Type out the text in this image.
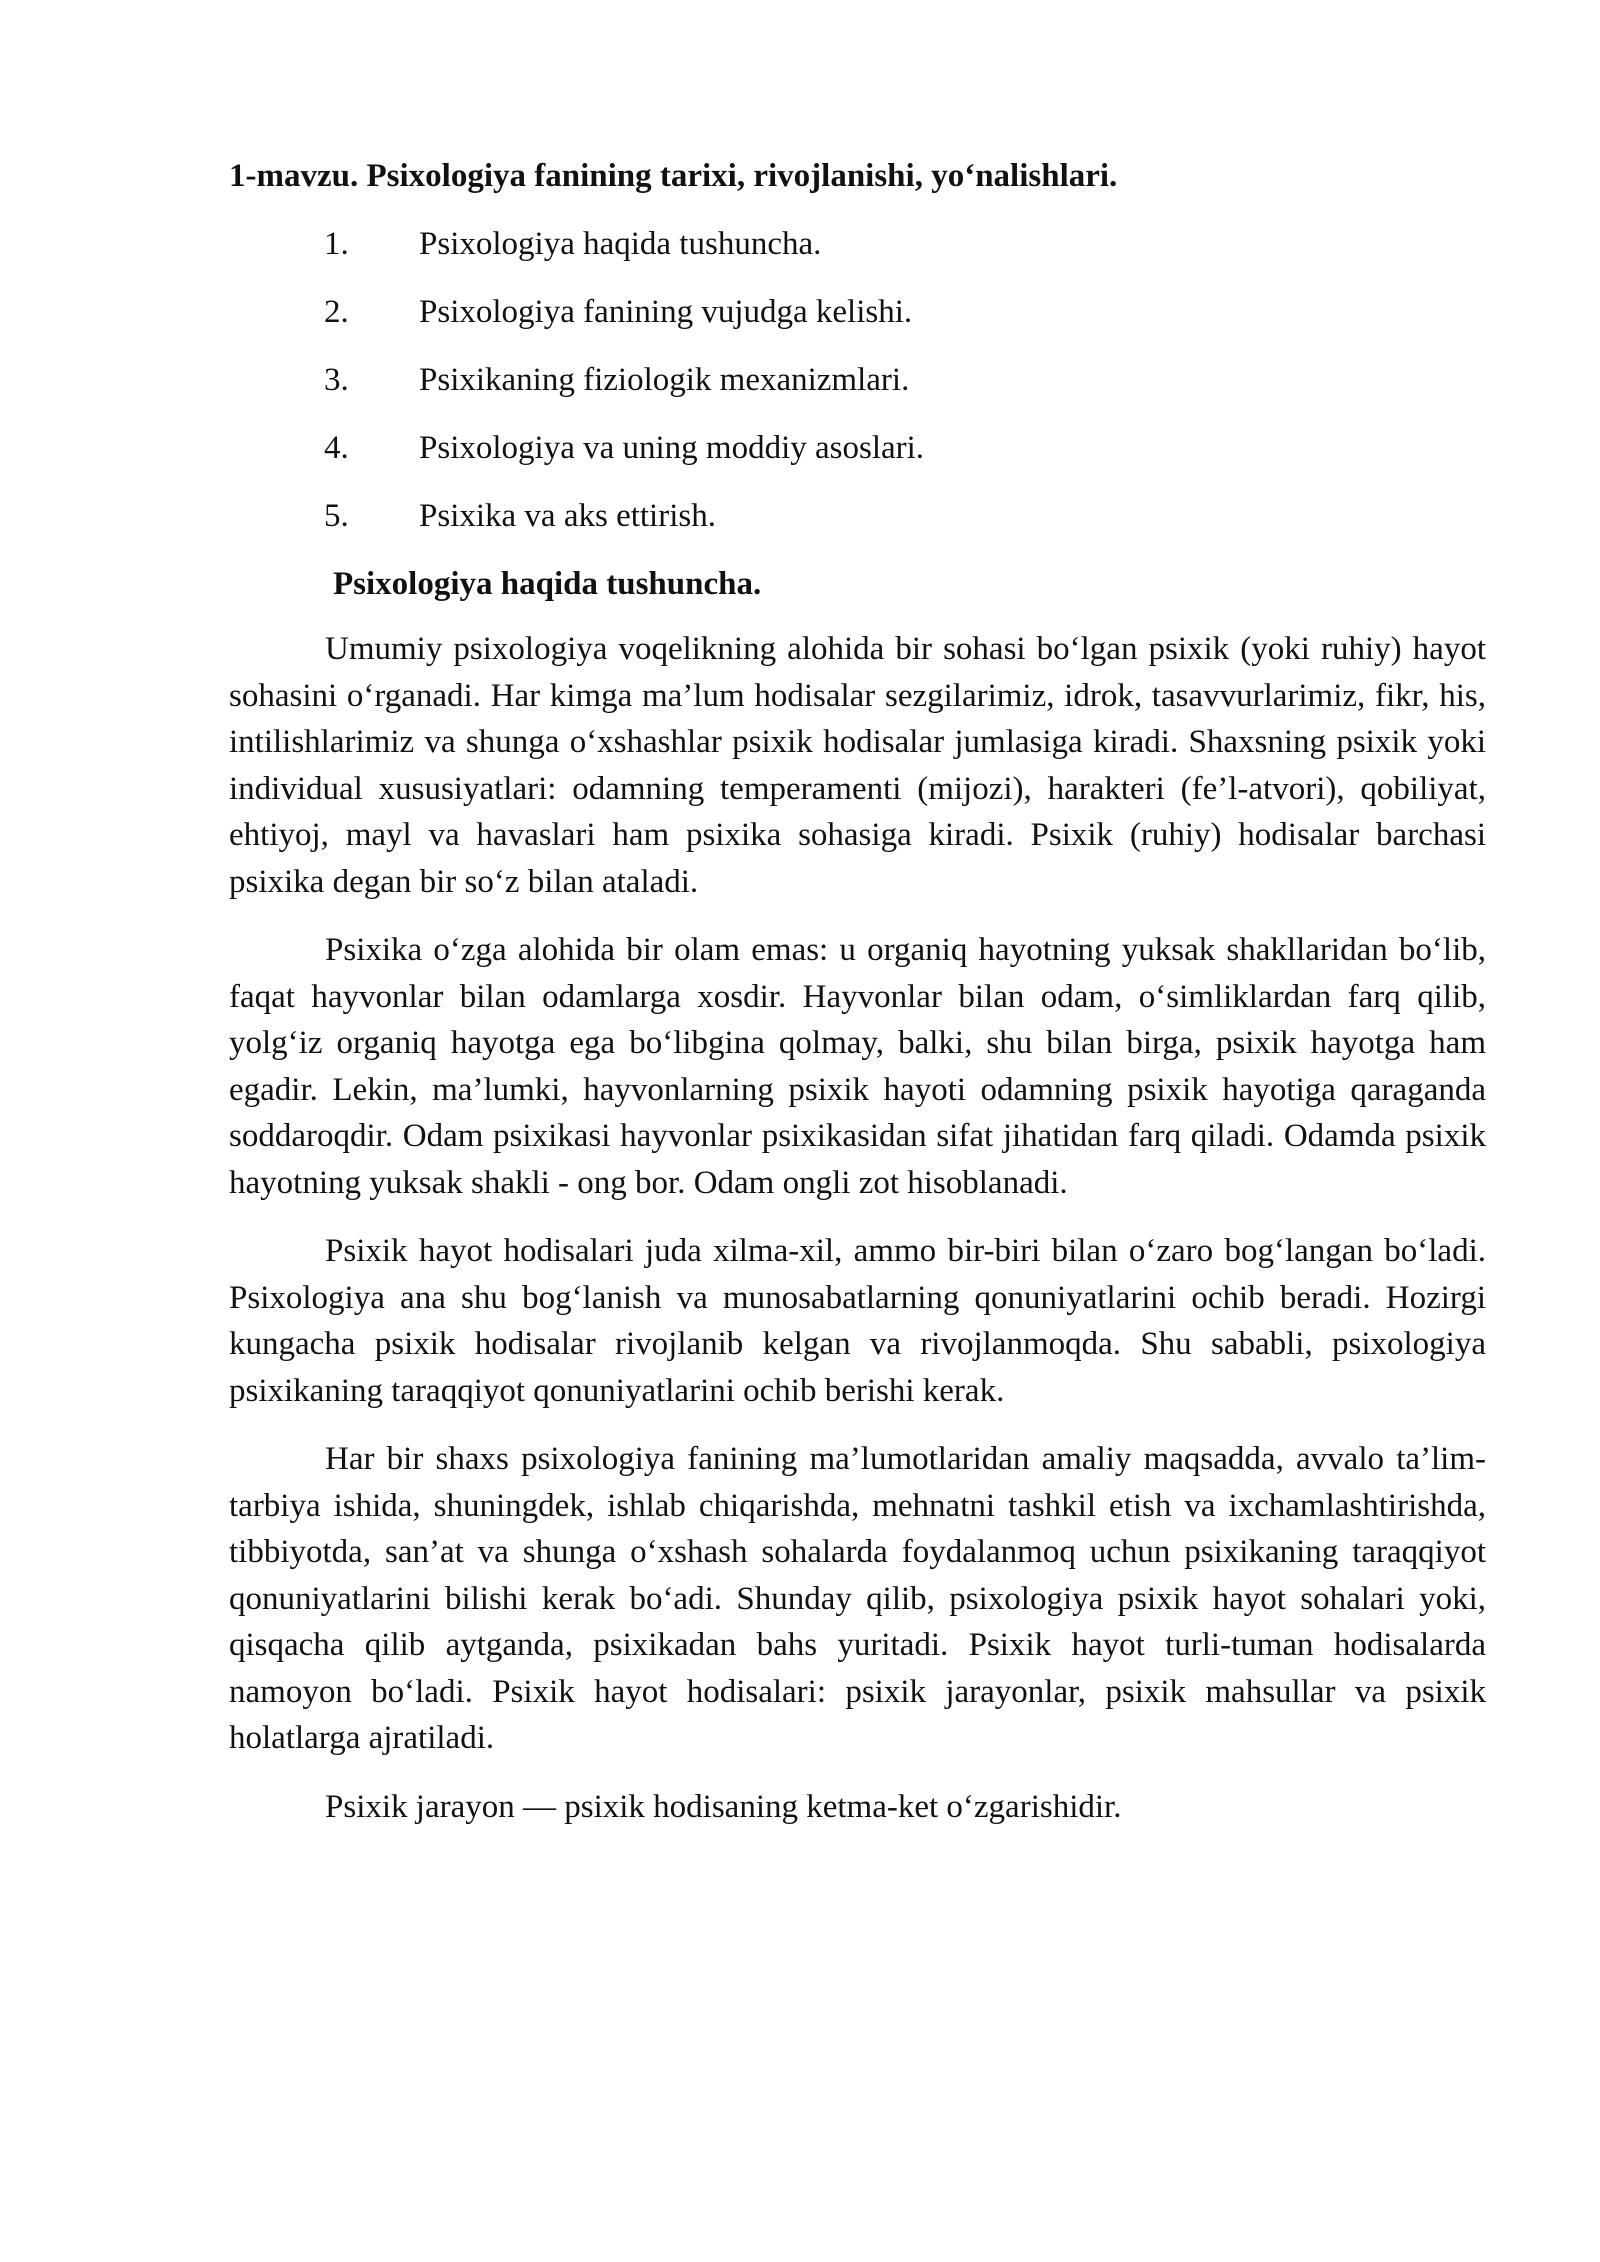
1-mavzu. Psixologiya fanining tarixi, rivojlanishi, yo‘nalishlari.
1.	Psixologiya haqida tushuncha.
2.	Psixologiya fanining vujudga kelishi.
3.	Psixikaning fiziologik mexanizmlari.
4.	Psixologiya va uning moddiy asoslari.
5.	Psixika va aks ettirish.
Psixologiya haqida tushuncha.

Umumiy psixologiya voqelikning alohida bir sohasi bo‘lgan psixik (yoki ruhiy) hayot sohasini o‘rganadi. Har kimga ma’lum hodisalar sezgilarimiz, idrok, tasavvurlarimiz, fikr, his, intilishlarimiz va shunga o‘xshashlar psixik hodisalar jumlasiga kiradi. Shaxsning psixik yoki individual xususiyatlari: odamning temperamenti (mijozi), harakteri (fe’l-atvori), qobiliyat, ehtiyoj, mayl va havaslari ham psixika sohasiga kiradi. Psixik (ruhiy) hodisalar barchasi psixika degan bir so‘z bilan ataladi.

Psixika o‘zga alohida bir olam emas: u organiq hayotning yuksak shakllaridan bo‘lib, faqat hayvonlar bilan odamlarga xosdir. Hayvonlar bilan odam, o‘simliklardan farq qilib, yolg‘iz organiq hayotga ega bo‘libgina qolmay, balki, shu bilan birga, psixik hayotga ham egadir. Lekin, ma’lumki, hayvonlarning psixik hayoti odamning psixik hayotiga qaraganda soddaroqdir. Odam psixikasi hayvonlar psixikasidan sifat jihatidan farq qiladi. Odamda psixik hayotning yuksak shakli - ong bor. Odam ongli zot hisoblanadi.

Psixik hayot hodisalari juda xilma-xil, ammo bir-biri bilan o‘zaro bog‘langan bo‘ladi. Psixologiya ana shu bog‘lanish va munosabatlarning qonuniyatlarini ochib beradi. Hozirgi kungacha psixik hodisalar rivojlanib kelgan va rivojlanmoqda. Shu sababli, psixologiya psixikaning taraqqiyot qonuniyatlarini ochib berishi kerak.

Har bir shaxs psixologiya fanining ma’lumotlaridan amaliy maqsadda, avvalo ta’lim-tarbiya ishida, shuningdek, ishlab chiqarishda, mehnatni tashkil etish va ixchamlashtirishda, tibbiyotda, san’at va shunga o‘xshash sohalarda foydalanmoq uchun psixikaning taraqqiyot qonuniyatlarini bilishi kerak bo‘adi. Shunday qilib, psixologiya psixik hayot sohalari yoki, qisqacha qilib aytganda, psixikadan bahs yuritadi. Psixik hayot turli-tuman hodisalarda namoyon bo‘ladi. Psixik hayot hodisalari: psixik jarayonlar, psixik mahsullar va psixik holatlarga ajratiladi.

Psixik jarayon — psixik hodisaning ketma-ket o‘zgarishidir.
